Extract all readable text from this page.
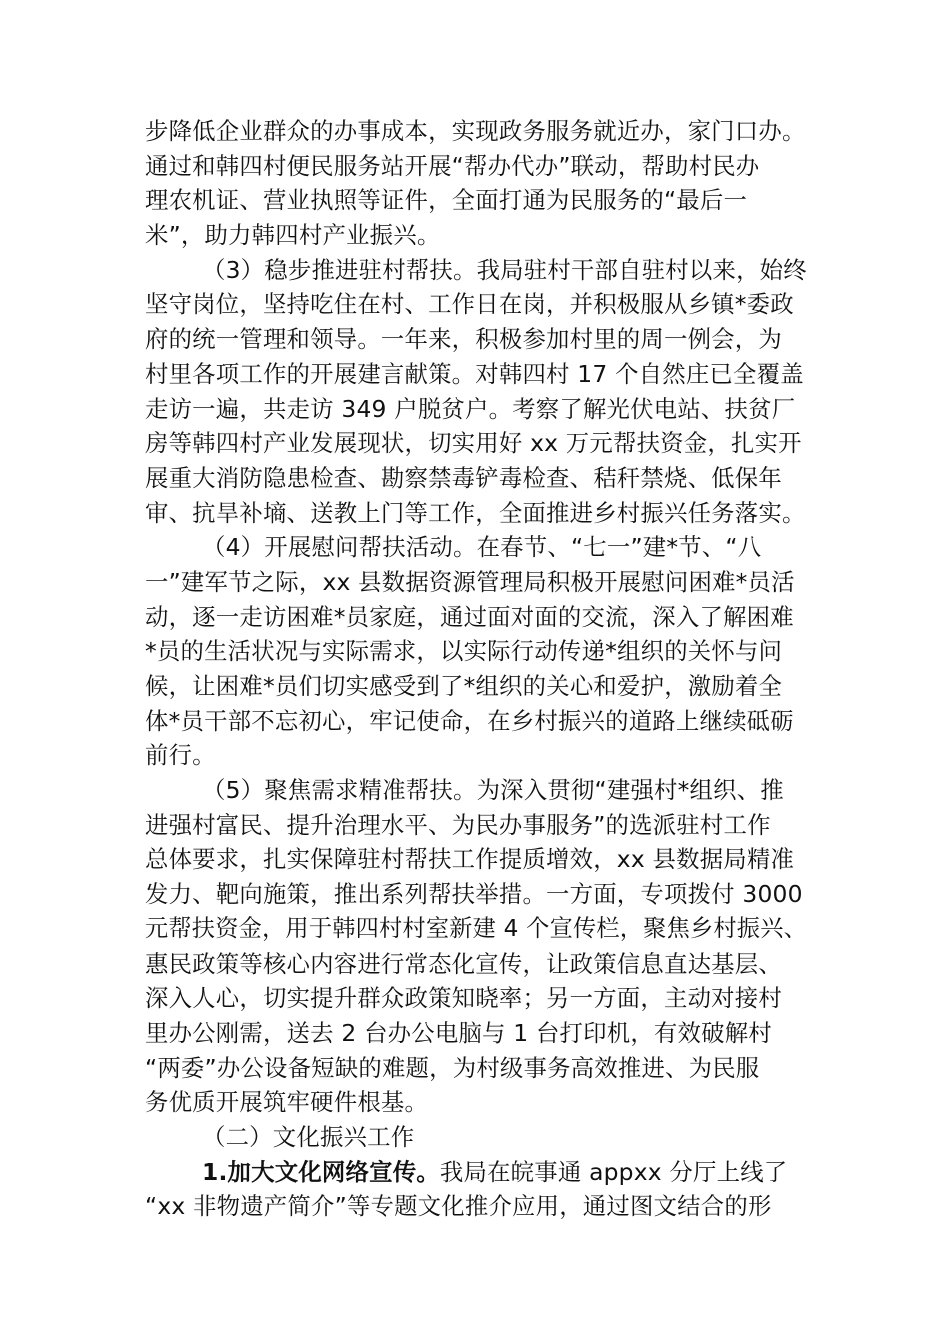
步降低企业群众的办事成本，实现政务服务就近办，家门口办。
通过和韩四村便民服务站开展“帮办代办”联动，帮助村民办
理农机证、营业执照等证件，全面打通为民服务的“最后一
米”，助力韩四村产业振兴。
（3）稳步推进驻村帮扶。我局驻村干部自驻村以来，始终
坚守岗位，坚持吃住在村、工作日在岗，并积极服从乡镇*委政
府的统一管理和领导。一年来，积极参加村里的周一例会，为
村里各项工作的开展建言献策。对韩四村 17 个自然庄已全覆盖
走访一遍，共走访 349 户脱贫户。考察了解光伏电站、扶贫厂
房等韩四村产业发展现状，切实用好 xx 万元帮扶资金，扎实开
展重大消防隐患检查、勘察禁毒铲毒检查、秸秆禁烧、低保年
审、抗旱补墒、送教上门等工作，全面推进乡村振兴任务落实。
（4）开展慰问帮扶活动。在春节、“七一”建*节、“八
一”建军节之际，xx 县数据资源管理局积极开展慰问困难*员活
动，逐一走访困难*员家庭，通过面对面的交流，深入了解困难
*员的生活状况与实际需求，以实际行动传递*组织的关怀与问
候，让困难*员们切实感受到了*组织的关心和爱护，激励着全
体*员干部不忘初心，牢记使命，在乡村振兴的道路上继续砥砺
前行。
（5）聚焦需求精准帮扶。为深入贯彻“建强村*组织、推
进强村富民、提升治理水平、为民办事服务”的选派驻村工作
总体要求，扎实保障驻村帮扶工作提质增效，xx 县数据局精准
发力、靶向施策，推出系列帮扶举措。一方面，专项拨付 3000
元帮扶资金，用于韩四村村室新建 4 个宣传栏，聚焦乡村振兴、
惠民政策等核心内容进行常态化宣传，让政策信息直达基层、
深入人心，切实提升群众政策知晓率；另一方面，主动对接村
里办公刚需，送去 2 台办公电脑与 1 台打印机，有效破解村
“两委”办公设备短缺的难题，为村级事务高效推进、为民服
务优质开展筑牢硬件根基。
（二）文化振兴工作
1.加大文化网络宣传。我局在皖事通 appxx 分厅上线了
“xx 非物遗产简介”等专题文化推介应用，通过图文结合的形
